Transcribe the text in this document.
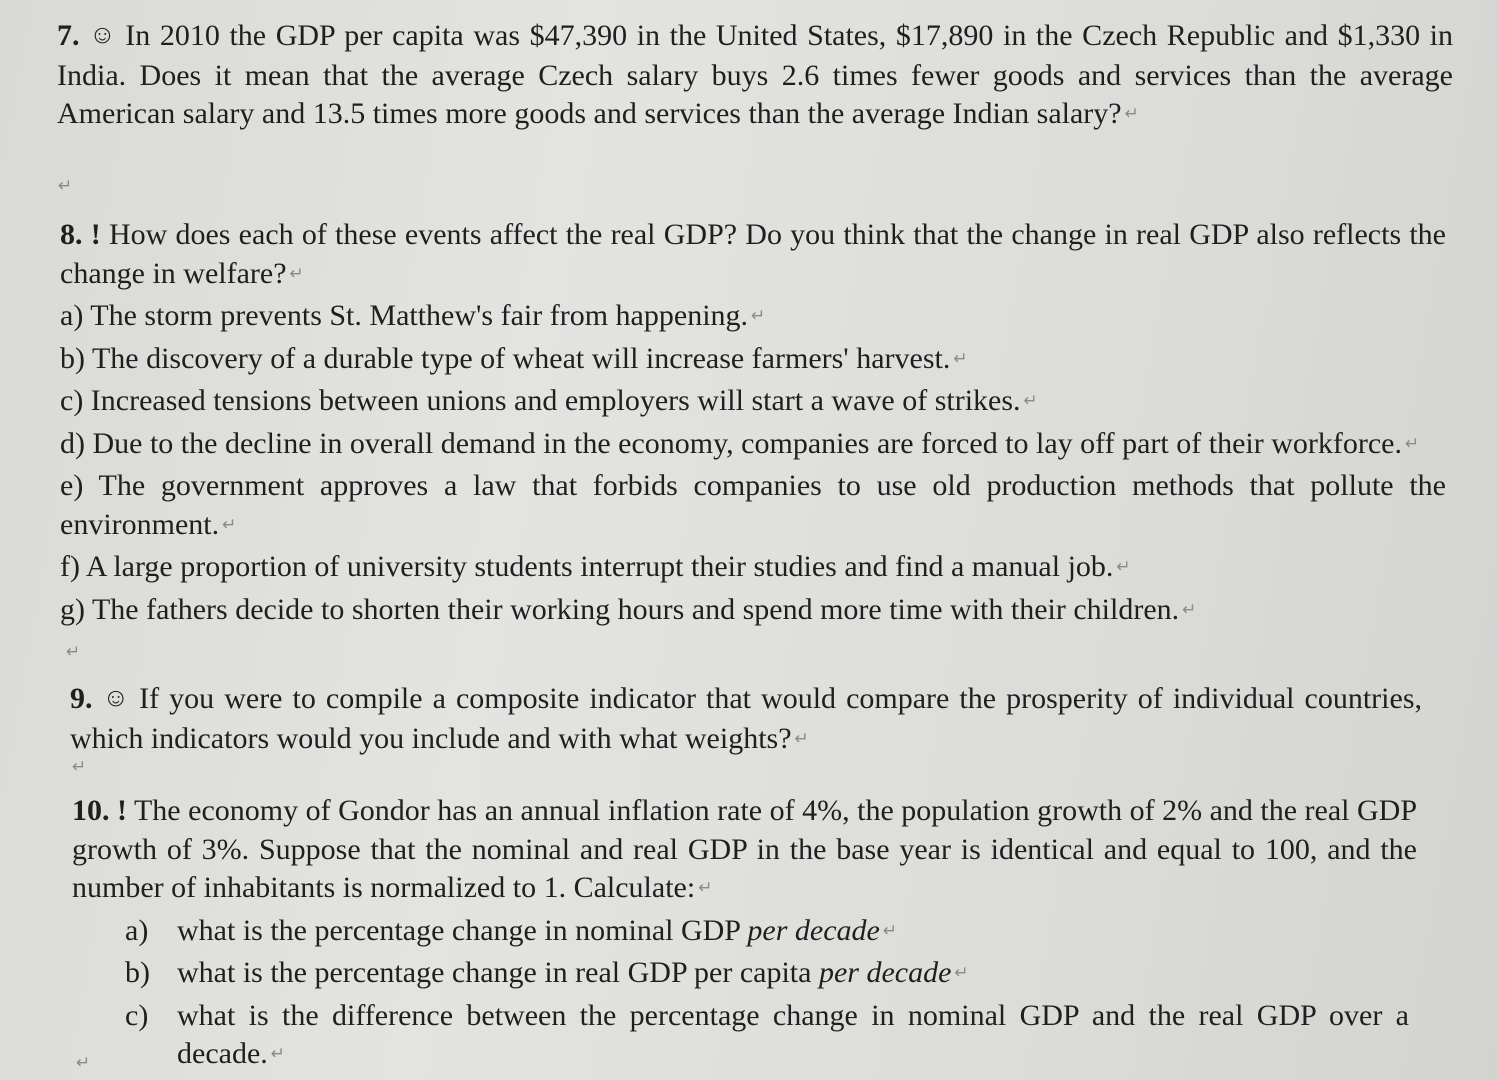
7. ☺ In 2010 the GDP per capita was $47,390 in the United States, $17,890 in the Czech Republic and $1,330 in India. Does it mean that the average Czech salary buys 2.6 times fewer goods and services than the average American salary and 13.5 times more goods and services than the average Indian salary? ↵

↵

8. ! How does each of these events affect the real GDP? Do you think that the change in real GDP also reflects the change in welfare? ↵

a) The storm prevents St. Matthew's fair from happening. ↵

b) The discovery of a durable type of wheat will increase farmers' harvest. ↵

c) Increased tensions between unions and employers will start a wave of strikes. ↵

d) Due to the decline in overall demand in the economy, companies are forced to lay off part of their workforce. ↵

e) The government approves a law that forbids companies to use old production methods that pollute the environment. ↵

f) A large proportion of university students interrupt their studies and find a manual job. ↵

g) The fathers decide to shorten their working hours and spend more time with their children. ↵

↵

9. ☺ If you were to compile a composite indicator that would compare the prosperity of individual countries, which indicators would you include and with what weights? ↵

↵

10. ! The economy of Gondor has an annual inflation rate of 4%, the population growth of 2% and the real GDP growth of 3%. Suppose that the nominal and real GDP in the base year is identical and equal to 100, and the number of inhabitants is normalized to 1. Calculate: ↵

a) what is the percentage change in nominal GDP per decade ↵
b) what is the percentage change in real GDP per capita per decade ↵
c) what is the difference between the percentage change in nominal GDP and the real GDP over a decade. ↵
↵
